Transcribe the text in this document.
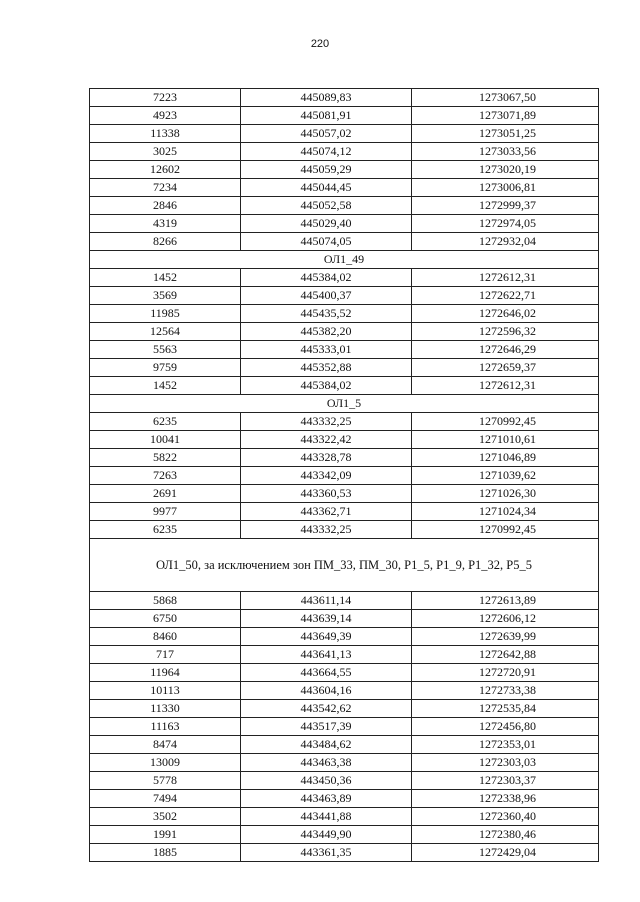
220
7223	445089,83	1273067,50
4923	445081,91	1273071,89
11338	445057,02	1273051,25
3025	445074,12	1273033,56
12602	445059,29	1273020,19
7234	445044,45	1273006,81
2846	445052,58	1272999,37
4319	445029,40	1272974,05
8266	445074,05	1272932,04
ОЛ1_49		
1452	445384,02	1272612,31
3569	445400,37	1272622,71
11985	445435,52	1272646,02
12564	445382,20	1272596,32
5563	445333,01	1272646,29
9759	445352,88	1272659,37
1452	445384,02	1272612,31
ОЛ1_5		
6235	443332,25	1270992,45
10041	443322,42	1271010,61
5822	443328,78	1271046,89
7263	443342,09	1271039,62
2691	443360,53	1271026,30
9977	443362,71	1271024,34
6235	443332,25	1270992,45
ОЛ1_50, за исключением зон ПМ_33, ПМ_30, Р1_5, Р1_9, Р1_32, Р5_5		
5868	443611,14	1272613,89
6750	443639,14	1272606,12
8460	443649,39	1272639,99
717	443641,13	1272642,88
11964	443664,55	1272720,91
10113	443604,16	1272733,38
11330	443542,62	1272535,84
11163	443517,39	1272456,80
8474	443484,62	1272353,01
13009	443463,38	1272303,03
5778	443450,36	1272303,37
7494	443463,89	1272338,96
3502	443441,88	1272360,40
1991	443449,90	1272380,46
1885	443361,35	1272429,04
